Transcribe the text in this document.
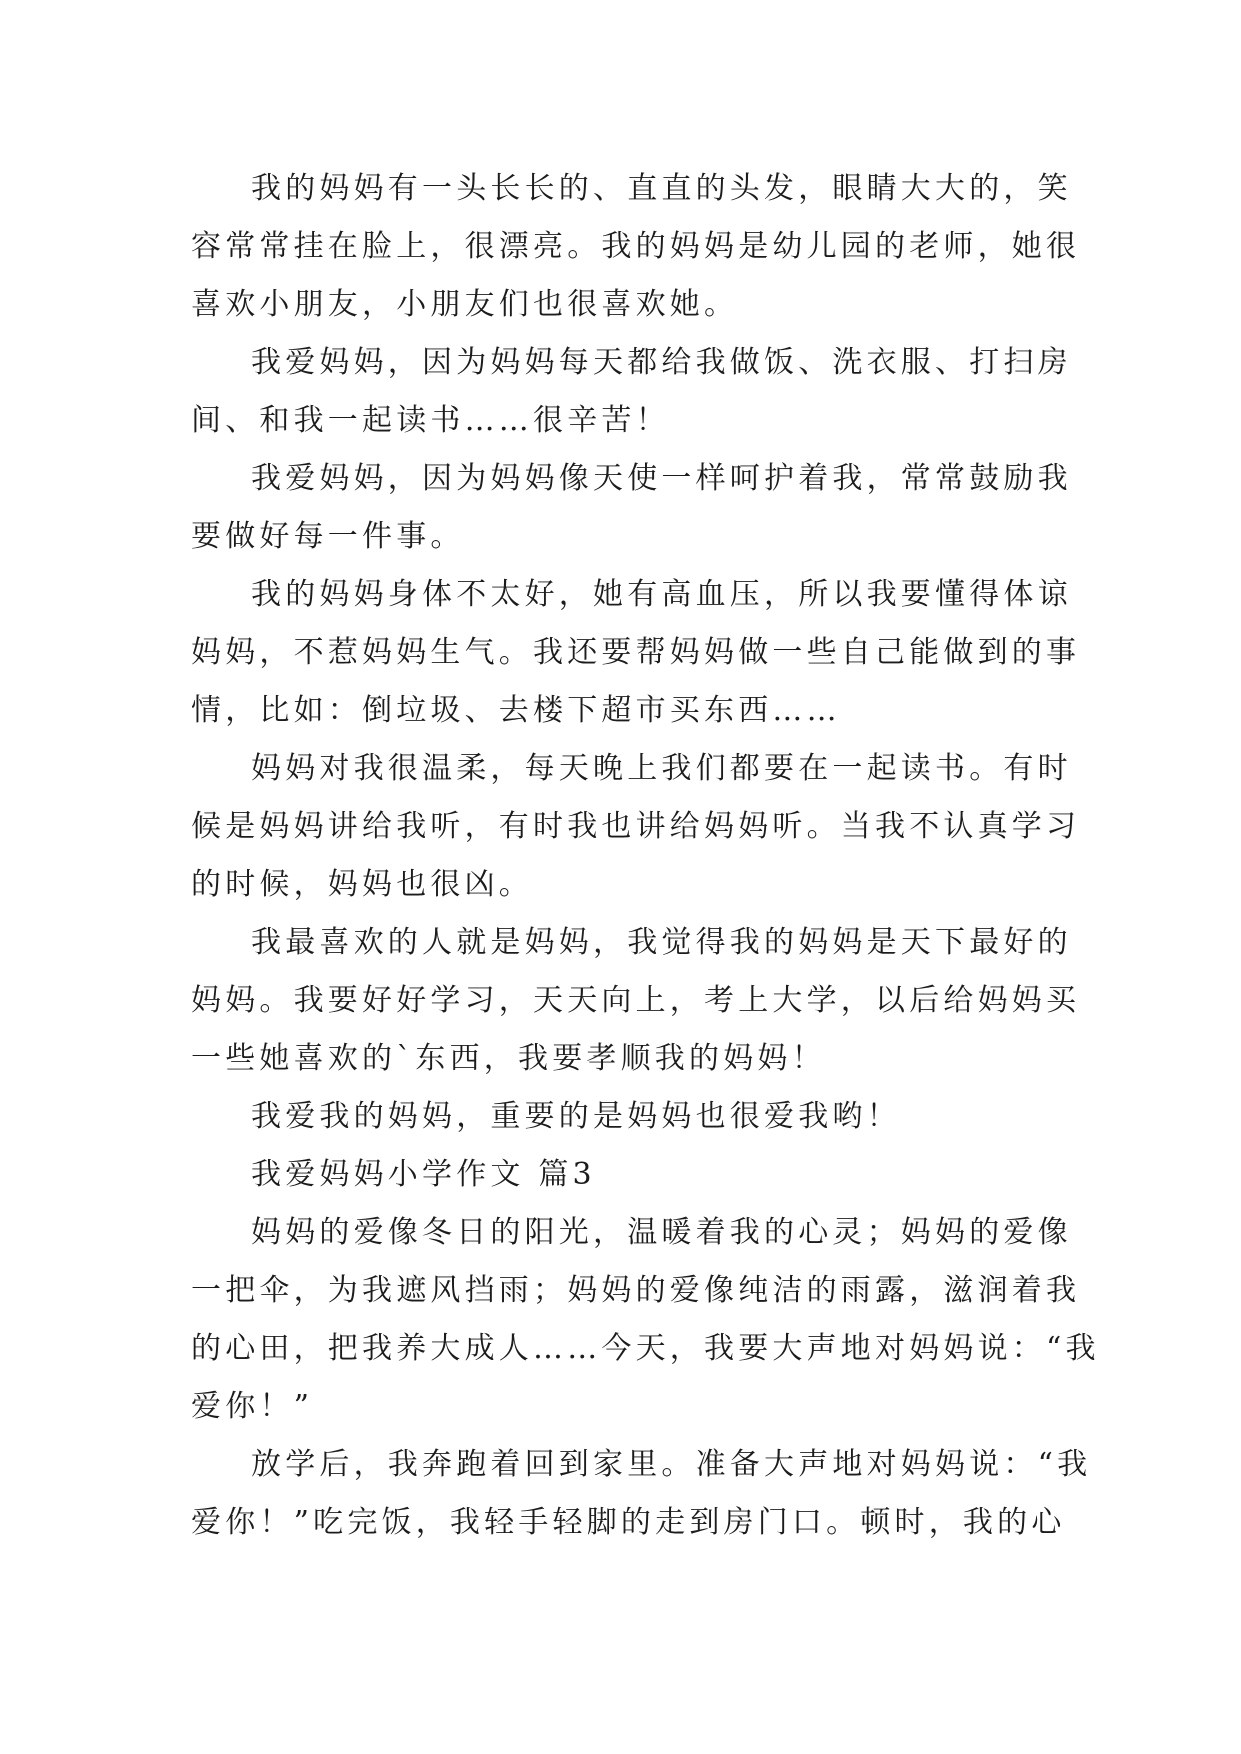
我的妈妈有一头长长的、直直的头发，眼睛大大的，笑
容常常挂在脸上，很漂亮。我的妈妈是幼儿园的老师，她很
喜欢小朋友，小朋友们也很喜欢她。

我爱妈妈，因为妈妈每天都给我做饭、洗衣服、打扫房
间、和我一起读书……很辛苦！

我爱妈妈，因为妈妈像天使一样呵护着我，常常鼓励我
要做好每一件事。

我的妈妈身体不太好，她有高血压，所以我要懂得体谅
妈妈，不惹妈妈生气。我还要帮妈妈做一些自己能做到的事
情，比如：倒垃圾、去楼下超市买东西……

妈妈对我很温柔，每天晚上我们都要在一起读书。有时
候是妈妈讲给我听，有时我也讲给妈妈听。当我不认真学习
的时候，妈妈也很凶。

我最喜欢的人就是妈妈，我觉得我的妈妈是天下最好的
妈妈。我要好好学习，天天向上，考上大学，以后给妈妈买
一些她喜欢的`东西，我要孝顺我的妈妈！

我爱我的妈妈，重要的是妈妈也很爱我哟！

我爱妈妈小学作文 篇3

妈妈的爱像冬日的阳光，温暖着我的心灵；妈妈的爱像
一把伞，为我遮风挡雨；妈妈的爱像纯洁的雨露，滋润着我
的心田，把我养大成人……今天，我要大声地对妈妈说：“我
爱你！”

放学后，我奔跑着回到家里。准备大声地对妈妈说：“我
爱你！”吃完饭，我轻手轻脚的走到房门口。顿时，我的心
